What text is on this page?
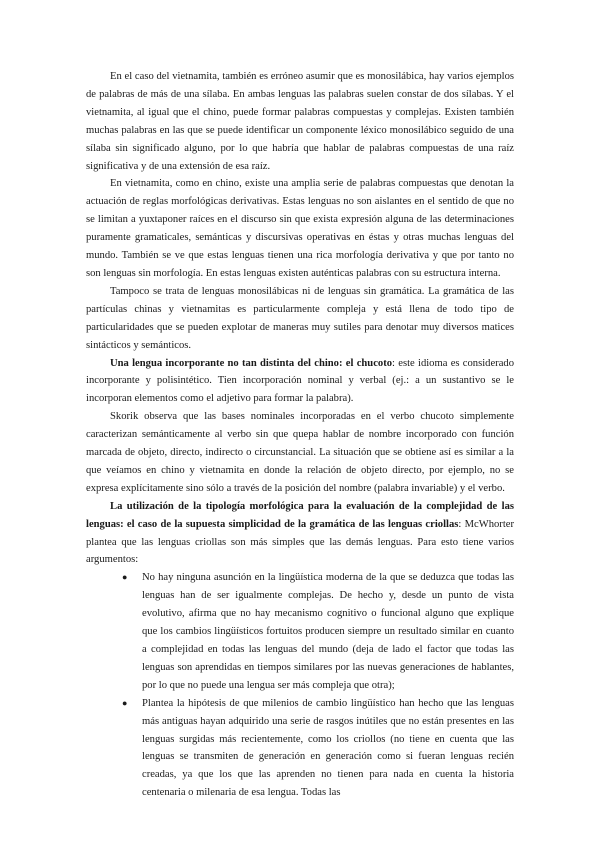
En el caso del vietnamita, también es erróneo asumir que es monosilábica, hay varios ejemplos de palabras de más de una sílaba. En ambas lenguas las palabras suelen constar de dos sílabas. Y el vietnamita, al igual que el chino, puede formar palabras compuestas y complejas. Existen también muchas palabras en las que se puede identificar un componente léxico monosilábico seguido de una sílaba sin significado alguno, por lo que habría que hablar de palabras compuestas de una raíz significativa y de una extensión de esa raíz.

En vietnamita, como en chino, existe una amplia serie de palabras compuestas que denotan la actuación de reglas morfológicas derivativas. Estas lenguas no son aislantes en el sentido de que no se limitan a yuxtaponer raíces en el discurso sin que exista expresión alguna de las determinaciones puramente gramaticales, semánticas y discursivas operativas en éstas y otras muchas lenguas del mundo. También se ve que estas lenguas tienen una rica morfología derivativa y que por tanto no son lenguas sin morfología. En estas lenguas existen auténticas palabras con su estructura interna.

Tampoco se trata de lenguas monosilábicas ni de lenguas sin gramática. La gramática de las partículas chinas y vietnamitas es particularmente compleja y está llena de todo tipo de particularidades que se pueden explotar de maneras muy sutiles para denotar muy diversos matices sintácticos y semánticos.

Una lengua incorporante no tan distinta del chino: el chucoto: este idioma es considerado incorporante y polisintético. Tien incorporación nominal y verbal (ej.: a un sustantivo se le incorporan elementos como el adjetivo para formar la palabra).

Skorik observa que las bases nominales incorporadas en el verbo chucoto simplemente caracterizan semánticamente al verbo sin que quepa hablar de nombre incorporado con función marcada de objeto, directo, indirecto o circunstancial. La situación que se obtiene así es similar a la que veíamos en chino y vietnamita en donde la relación de objeto directo, por ejemplo, no se expresa explícitamente sino sólo a través de la posición del nombre (palabra invariable) y el verbo.

La utilización de la tipología morfológica para la evaluación de la complejidad de las lenguas: el caso de la supuesta simplicidad de la gramática de las lenguas criollas: McWhorter plantea que las lenguas criollas son más simples que las demás lenguas. Para esto tiene varios argumentos:

● No hay ninguna asunción en la lingüística moderna de la que se deduzca que todas las lenguas han de ser igualmente complejas. De hecho y, desde un punto de vista evolutivo, afirma que no hay mecanismo cognitivo o funcional alguno que explique que los cambios lingüísticos fortuitos producen siempre un resultado similar en cuanto a complejidad en todas las lenguas del mundo (deja de lado el factor que todas las lenguas son aprendidas en tiempos similares por las nuevas generaciones de hablantes, por lo que no puede una lengua ser más compleja que otra);
● Plantea la hipótesis de que milenios de cambio lingüístico han hecho que las lenguas más antiguas hayan adquirido una serie de rasgos inútiles que no están presentes en las lenguas surgidas más recientemente, como los criollos (no tiene en cuenta que las lenguas se transmiten de generación en generación como si fueran lenguas recién creadas, ya que los que las aprenden no tienen para nada en cuenta la historia centenaria o milenaria de esa lengua. Todas las
